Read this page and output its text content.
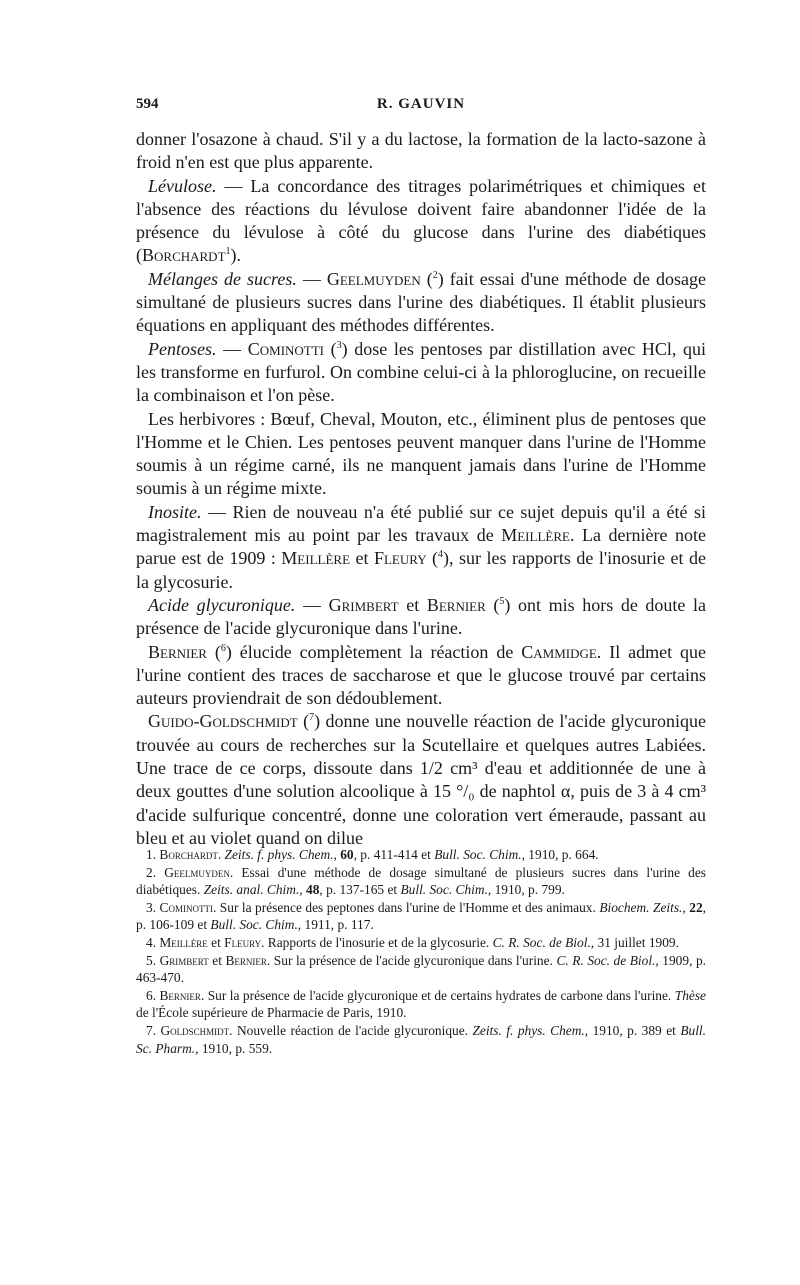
594	R. GAUVIN

donner l'osazone à chaud. S'il y a du lactose, la formation de la lacto-sazone à froid n'en est que plus apparente.

Lévulose. — La concordance des titrages polarimétriques et chimiques et l'absence des réactions du lévulose doivent faire abandonner l'idée de la présence du lévulose à côté du glucose dans l'urine des diabétiques (Borchardt$^1$).

Mélanges de sucres. — Geelmuyden ($^2$) fait essai d'une méthode de dosage simultané de plusieurs sucres dans l'urine des diabétiques. Il établit plusieurs équations en appliquant des méthodes différentes.

Pentoses. — Cominotti ($^3$) dose les pentoses par distillation avec HCl, qui les transforme en furfurol. On combine celui-ci à la phloroglucine, on recueille la combinaison et l'on pèse.

Les herbivores : Bœuf, Cheval, Mouton, etc., éliminent plus de pentoses que l'Homme et le Chien. Les pentoses peuvent manquer dans l'urine de l'Homme soumis à un régime carné, ils ne manquent jamais dans l'urine de l'Homme soumis à un régime mixte.

Inosite. — Rien de nouveau n'a été publié sur ce sujet depuis qu'il a été si magistralement mis au point par les travaux de Meillère. La dernière note parue est de 1909 : Meillère et Fleury ($^4$), sur les rapports de l'inosurie et de la glycosurie.

Acide glycuronique. — Grimbert et Bernier ($^5$) ont mis hors de doute la présence de l'acide glycuronique dans l'urine.

Bernier ($^6$) élucide complètement la réaction de Cammidge. Il admet que l'urine contient des traces de saccharose et que le glucose trouvé par certains auteurs proviendrait de son dédoublement.

Guido-Goldschmidt ($^7$) donne une nouvelle réaction de l'acide glycuronique trouvée au cours de recherches sur la Scutellaire et quelques autres Labiées. Une trace de ce corps, dissoute dans 1/2 cm³ d'eau et additionnée de une à deux gouttes d'une solution alcoolique à 15 °/₀ de naphtol α, puis de 3 à 4 cm³ d'acide sulfurique concentré, donne une coloration vert émeraude, passant au bleu et au violet quand on dilue

1. Borchardt. Zeits. f. phys. Chem., 60, p. 411-414 et Bull. Soc. Chim., 1910, p. 664.

2. Geelmuyden. Essai d'une méthode de dosage simultané de plusieurs sucres dans l'urine des diabétiques. Zeits. anal. Chim., 48, p. 137-165 et Bull. Soc. Chim., 1910, p. 799.

3. Cominotti. Sur la présence des peptones dans l'urine de l'Homme et des animaux. Biochem. Zeits., 22, p. 106-109 et Bull. Soc. Chim., 1911, p. 117.

4. Meillère et Fleury. Rapports de l'inosurie et de la glycosurie. C. R. Soc. de Biol., 31 juillet 1909.

5. Grimbert et Bernier. Sur la présence de l'acide glycuronique dans l'urine. C. R. Soc. de Biol., 1909, p. 463-470.

6. Bernier. Sur la présence de l'acide glycuronique et de certains hydrates de carbone dans l'urine. Thèse de l'École supérieure de Pharmacie de Paris, 1910.

7. Goldschmidt. Nouvelle réaction de l'acide glycuronique. Zeits. f. phys. Chem., 1910, p. 389 et Bull. Sc. Pharm., 1910, p. 559.
